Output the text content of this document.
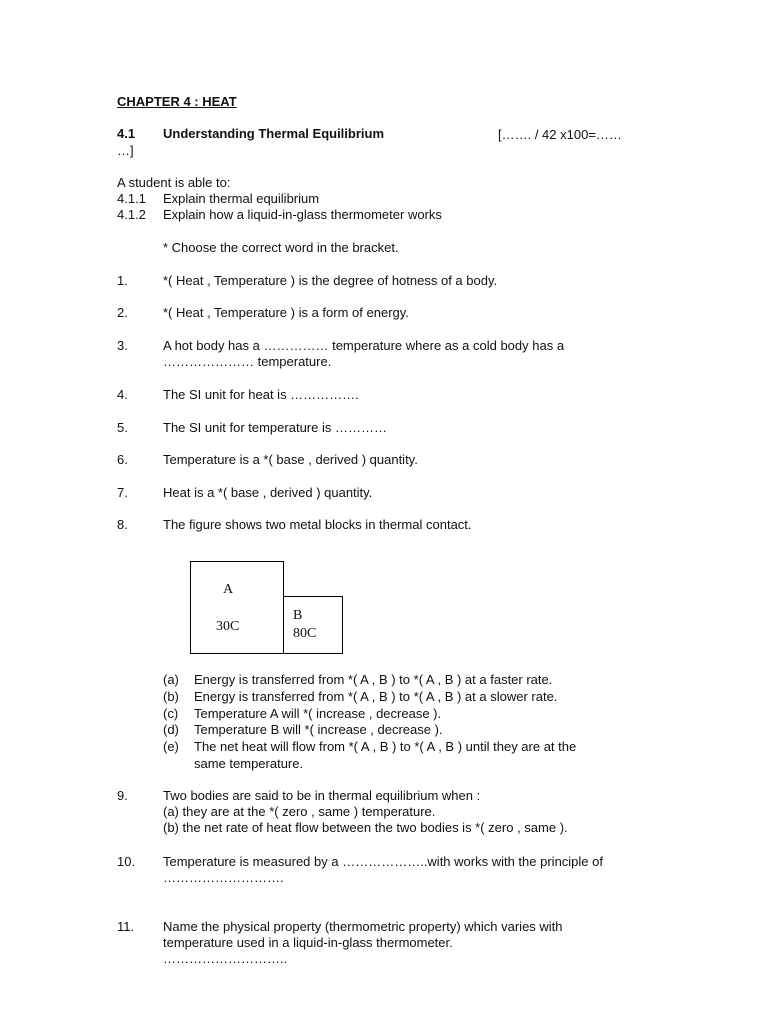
CHAPTER 4 : HEAT
4.1 Understanding Thermal Equilibrium	[……. / 42 x100=……
…]
A student is able to:
4.1.1 Explain thermal equilibrium
4.1.2 Explain how a liquid-in-glass thermometer works
* Choose the correct word in the bracket.
1.	*( Heat , Temperature ) is the degree of hotness of a body.
2.	*( Heat , Temperature ) is a form of energy.
3.	A hot body has a …………… temperature where as a cold body has a
………………… temperature.
4.	The SI unit for heat is …………….
5.	The SI unit for temperature is …………
6.	Temperature is a *( base , derived ) quantity.
7.	Heat is a *( base , derived ) quantity.
8.	The figure shows two metal blocks in thermal contact.
A
30C
B
80C
(a) Energy is transferred from *( A , B ) to *( A , B ) at a faster rate.
(b) Energy is transferred from *( A , B ) to *( A , B ) at a slower rate.
(c) Temperature A will *( increase , decrease ).
(d) Temperature B will *( increase , decrease ).
(e) The net heat will flow from *( A , B ) to *( A , B ) until they are at the
same temperature.
9.	Two bodies are said to be in thermal equilibrium when :
(a) they are at the *( zero , same ) temperature.
(b) the net rate of heat flow between the two bodies is *( zero , same ).
10. Temperature is measured by a ………………..with works with the principle of
……………………….
11. Name the physical property (thermometric property) which varies with
temperature used in a liquid-in-glass thermometer.
………………………..
